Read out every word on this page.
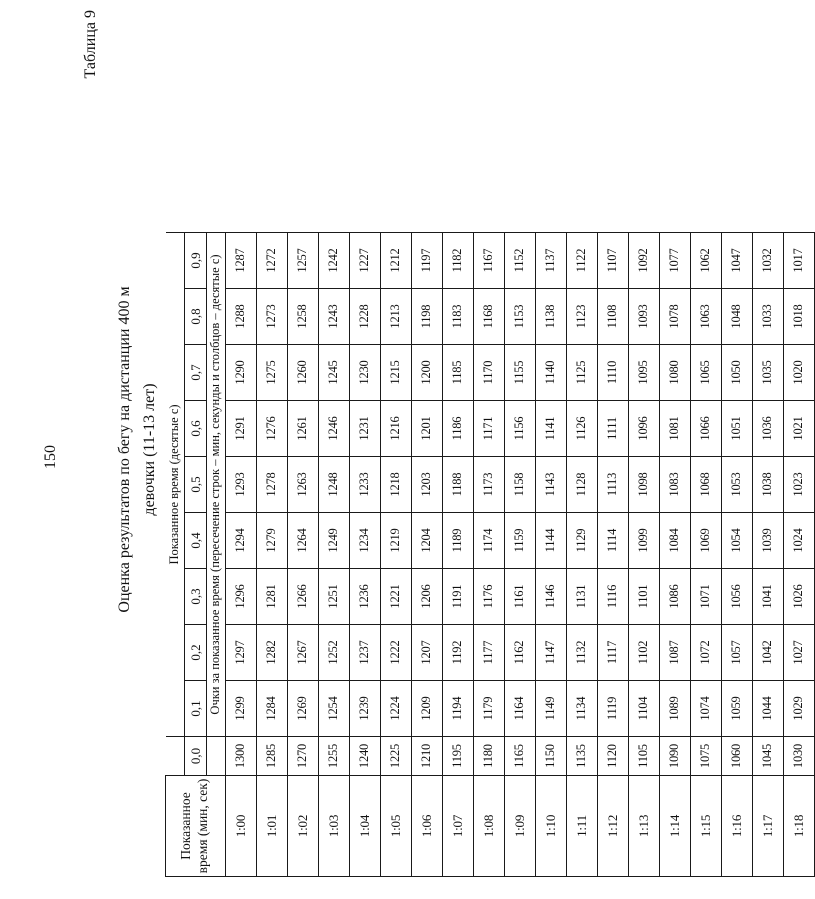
150
Таблица 9
Оценка результатов по бегу на дистанции 400 м девочки (11-13 лет)
Показанное время (мин, сек)		Показанное время (десятые с)								
	0,0	0,1	0,2	0,3	0,4	0,5	0,6	0,7	0,8	0,9
		Очки за показанное время (пересечение строк – мин, секунды и столбцов – десятые с)								
1:00	1300	1299	1297	1296	1294	1293	1291	1290	1288	1287
1:01	1285	1284	1282	1281	1279	1278	1276	1275	1273	1272
1:02	1270	1269	1267	1266	1264	1263	1261	1260	1258	1257
1:03	1255	1254	1252	1251	1249	1248	1246	1245	1243	1242
1:04	1240	1239	1237	1236	1234	1233	1231	1230	1228	1227
1:05	1225	1224	1222	1221	1219	1218	1216	1215	1213	1212
1:06	1210	1209	1207	1206	1204	1203	1201	1200	1198	1197
1:07	1195	1194	1192	1191	1189	1188	1186	1185	1183	1182
1:08	1180	1179	1177	1176	1174	1173	1171	1170	1168	1167
1:09	1165	1164	1162	1161	1159	1158	1156	1155	1153	1152
1:10	1150	1149	1147	1146	1144	1143	1141	1140	1138	1137
1:11	1135	1134	1132	1131	1129	1128	1126	1125	1123	1122
1:12	1120	1119	1117	1116	1114	1113	1111	1110	1108	1107
1:13	1105	1104	1102	1101	1099	1098	1096	1095	1093	1092
1:14	1090	1089	1087	1086	1084	1083	1081	1080	1078	1077
1:15	1075	1074	1072	1071	1069	1068	1066	1065	1063	1062
1:16	1060	1059	1057	1056	1054	1053	1051	1050	1048	1047
1:17	1045	1044	1042	1041	1039	1038	1036	1035	1033	1032
1:18	1030	1029	1027	1026	1024	1023	1021	1020	1018	1017
